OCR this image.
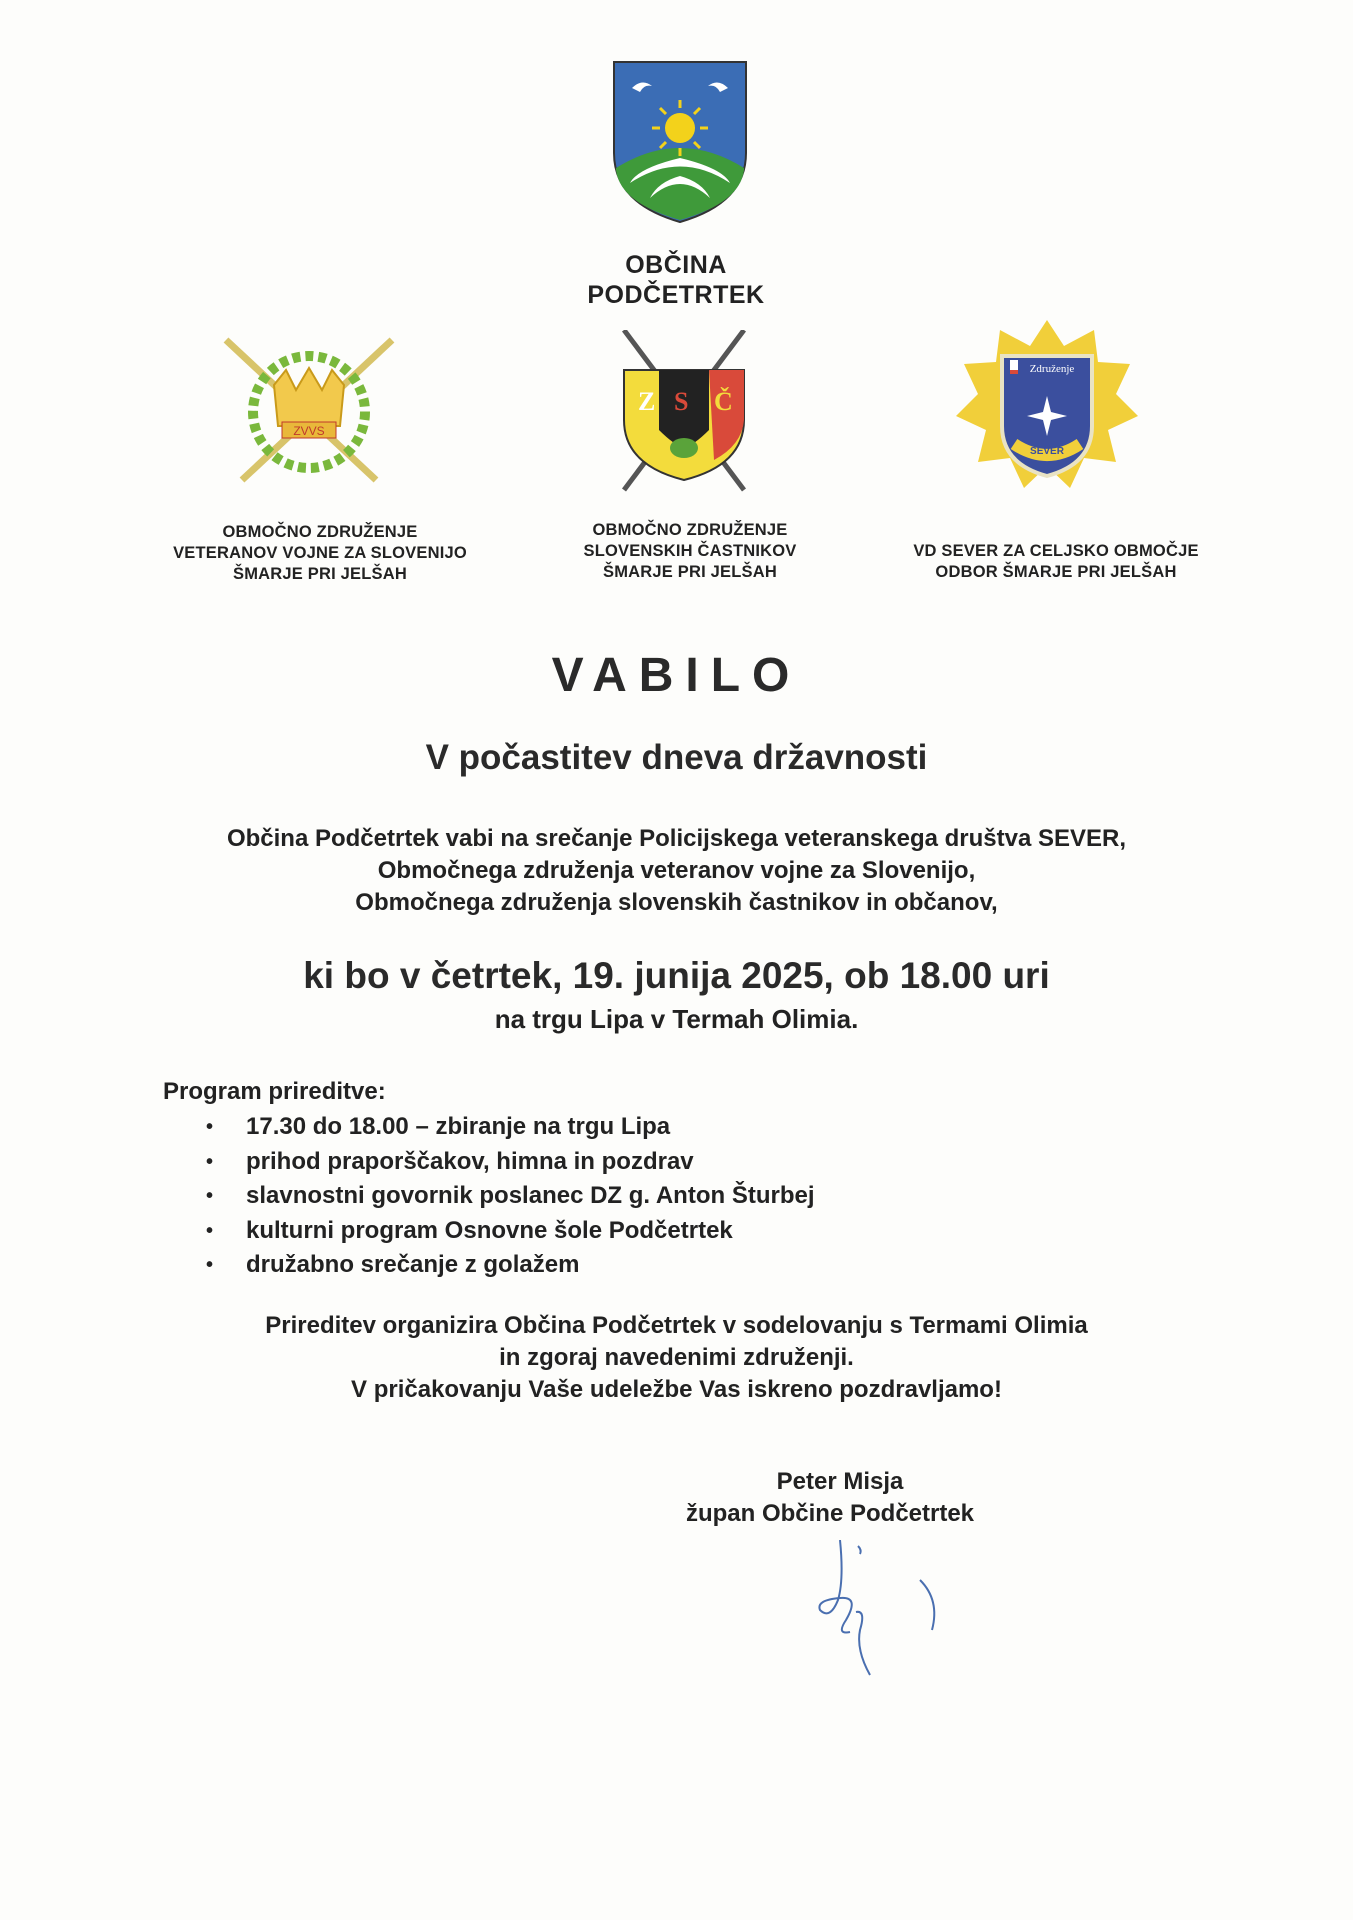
OBČINA
PODČETRTEK
ZVVS
Z S Č
Združenje
SEVER
OBMOČNO ZDRUŽENJE
VETERANOV VOJNE ZA SLOVENIJO
ŠMARJE PRI JELŠAH
OBMOČNO ZDRUŽENJE
SLOVENSKIH ČASTNIKOV
ŠMARJE PRI JELŠAH
VD SEVER ZA CELJSKO OBMOČJE
ODBOR ŠMARJE PRI JELŠAH
VABILO
V počastitev dneva državnosti
Občina Podčetrtek vabi na srečanje Policijskega veteranskega društva SEVER,
Območnega združenja veteranov vojne za Slovenijo,
Območnega združenja slovenskih častnikov in občanov,
ki bo v četrtek, 19. junija 2025, ob 18.00 uri
na trgu Lipa v Termah Olimia.
Program prireditve:
• 17.30 do 18.00 – zbiranje na trgu Lipa
• prihod praporščakov, himna in pozdrav
• slavnostni govornik poslanec DZ g. Anton Šturbej
• kulturni program Osnovne šole Podčetrtek
• družabno srečanje z golažem
Prireditev organizira Občina Podčetrtek v sodelovanju s Termami Olimia
in zgoraj navedenimi združenji.
V pričakovanju Vaše udeležbe Vas iskreno pozdravljamo!
Peter Misja
župan Občine Podčetrtek
